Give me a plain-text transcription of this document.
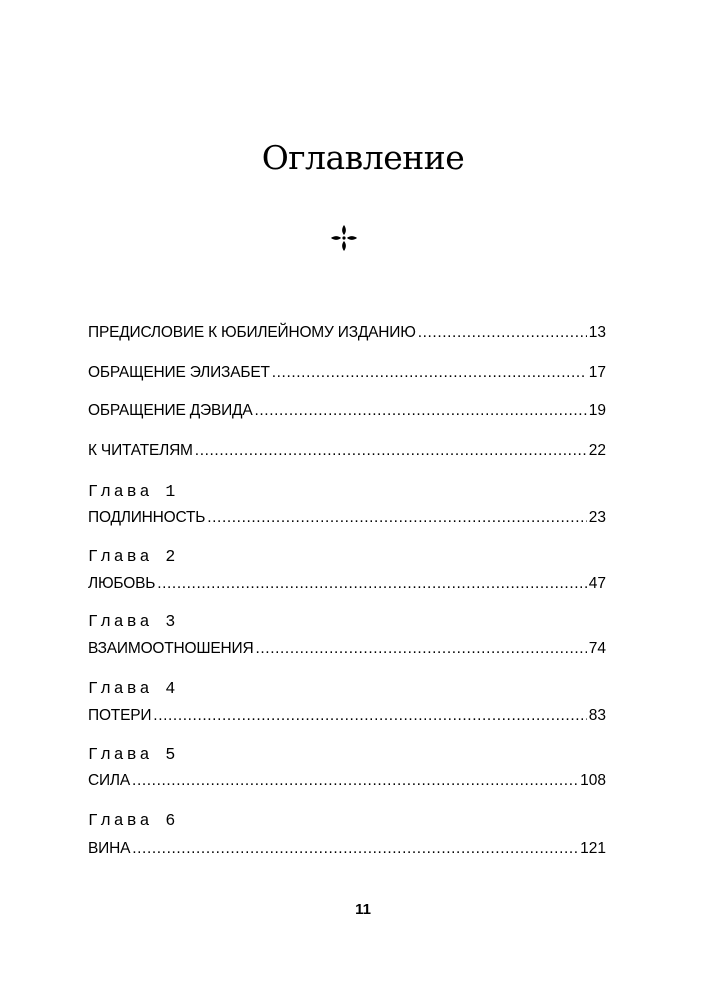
Оглавление
ПРЕДИСЛОВИЕ К ЮБИЛЕЙНОМУ ИЗДАНИЮ .....	13
ОБРАЩЕНИЕ ЭЛИЗАБЕТ .....	17
ОБРАЩЕНИЕ ДЭВИДА .....	19
К ЧИТАТЕЛЯМ .....	22
Глава 1
ПОДЛИННОСТЬ .....	23
Глава 2
ЛЮБОВЬ .....	47
Глава 3
ВЗАИМООТНОШЕНИЯ .....	74
Глава 4
ПОТЕРИ .....	83
Глава 5
СИЛА .....	108
Глава 6
ВИНА .....	121
11
